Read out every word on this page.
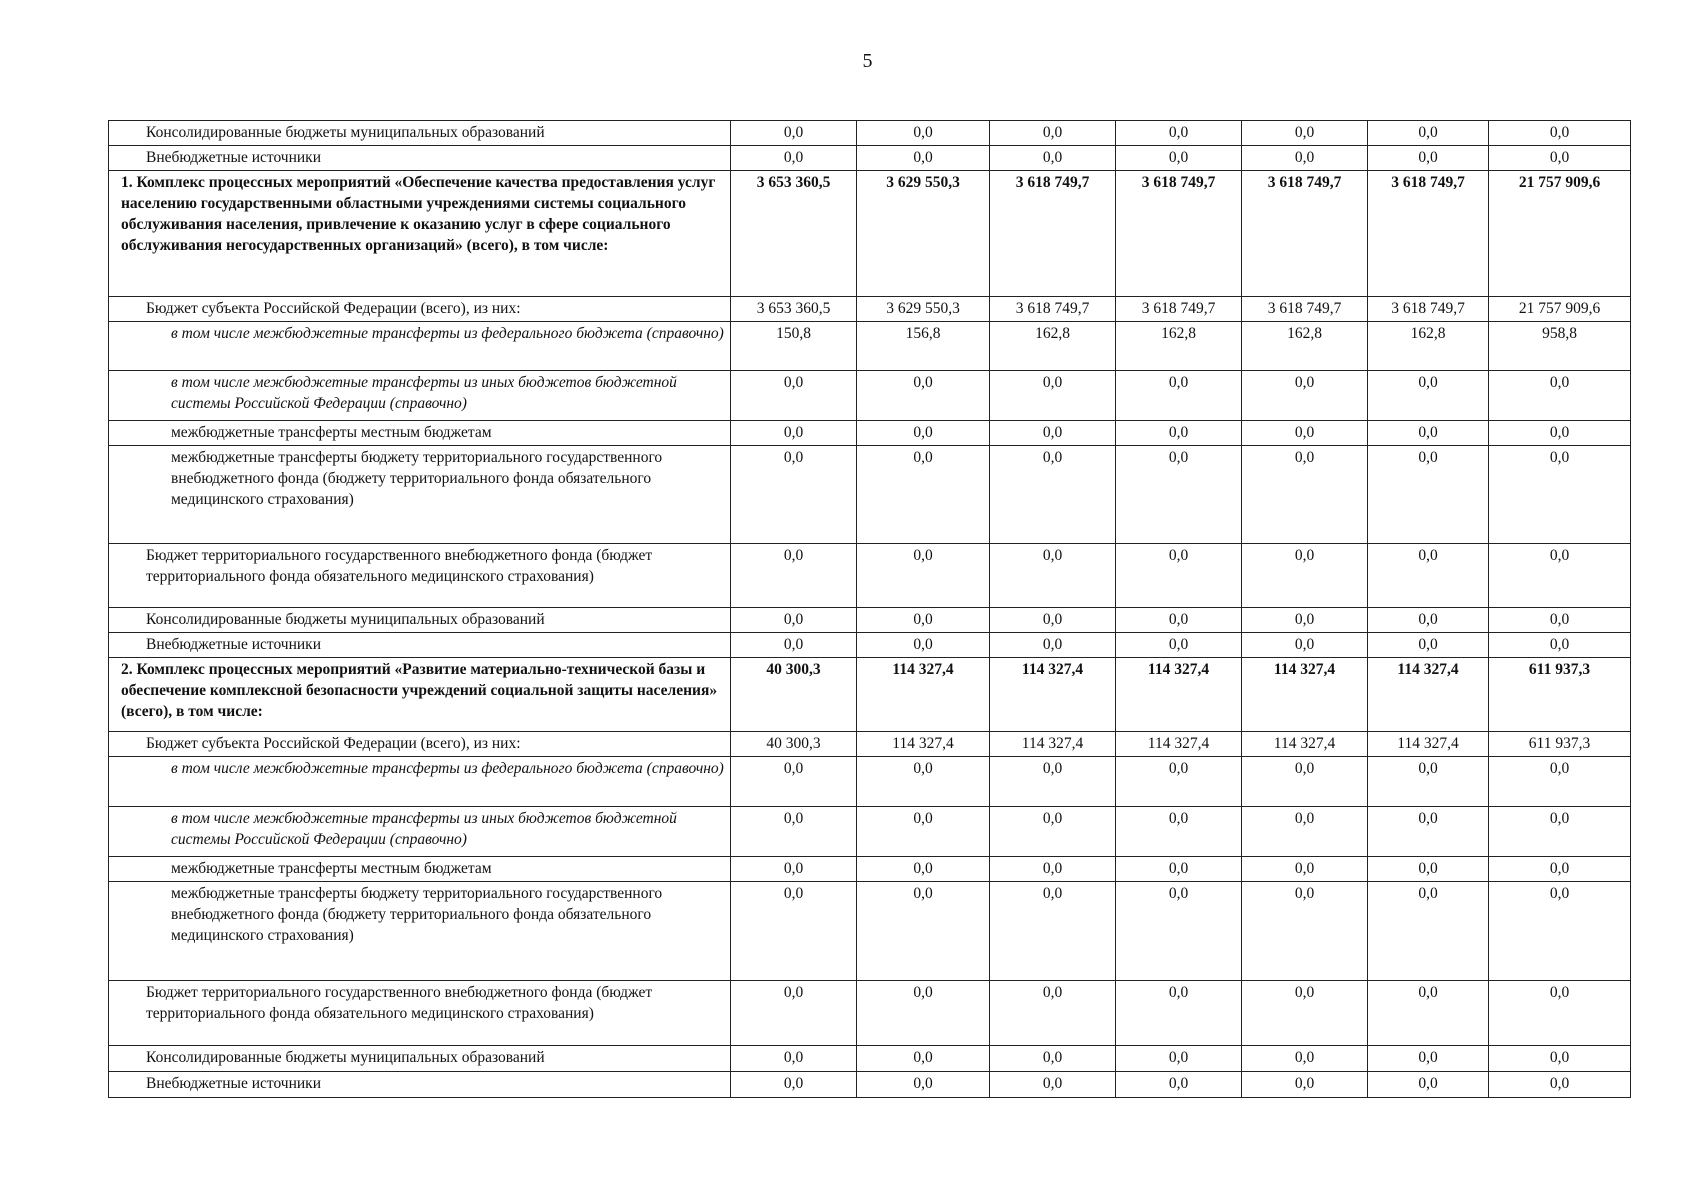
5
Консолидированные бюджеты муниципальных образований	0,0	0,0	0,0	0,0	0,0	0,0	0,0
Внебюджетные источники	0,0	0,0	0,0	0,0	0,0	0,0	0,0
1. Комплекс процессных мероприятий «Обеспечение качества предоставления услуг населению государственными областными учреждениями системы социального обслуживания населения, привлечение к оказанию услуг в сфере социального обслуживания негосударственных организаций» (всего), в том числе:	3 653 360,5	3 629 550,3	3 618 749,7	3 618 749,7	3 618 749,7	3 618 749,7	21 757 909,6
Бюджет субъекта Российской Федерации (всего), из них:	3 653 360,5	3 629 550,3	3 618 749,7	3 618 749,7	3 618 749,7	3 618 749,7	21 757 909,6
в том числе межбюджетные трансферты из федерального бюджета (справочно)	150,8	156,8	162,8	162,8	162,8	162,8	958,8
в том числе межбюджетные трансферты из иных бюджетов бюджетной системы Российской Федерации (справочно)	0,0	0,0	0,0	0,0	0,0	0,0	0,0
межбюджетные трансферты местным бюджетам	0,0	0,0	0,0	0,0	0,0	0,0	0,0
межбюджетные трансферты бюджету территориального государственного внебюджетного фонда (бюджету территориального фонда обязательного медицинского страхования)	0,0	0,0	0,0	0,0	0,0	0,0	0,0
Бюджет территориального государственного внебюджетного фонда (бюджет территориального фонда обязательного медицинского страхования)	0,0	0,0	0,0	0,0	0,0	0,0	0,0
Консолидированные бюджеты муниципальных образований	0,0	0,0	0,0	0,0	0,0	0,0	0,0
Внебюджетные источники	0,0	0,0	0,0	0,0	0,0	0,0	0,0
2. Комплекс процессных мероприятий «Развитие материально-технической базы и обеспечение комплексной безопасности учреждений социальной защиты населения» (всего), в том числе:	40 300,3	114 327,4	114 327,4	114 327,4	114 327,4	114 327,4	611 937,3
Бюджет субъекта Российской Федерации (всего), из них:	40 300,3	114 327,4	114 327,4	114 327,4	114 327,4	114 327,4	611 937,3
в том числе межбюджетные трансферты из федерального бюджета (справочно)	0,0	0,0	0,0	0,0	0,0	0,0	0,0
в том числе межбюджетные трансферты из иных бюджетов бюджетной системы Российской Федерации (справочно)	0,0	0,0	0,0	0,0	0,0	0,0	0,0
межбюджетные трансферты местным бюджетам	0,0	0,0	0,0	0,0	0,0	0,0	0,0
межбюджетные трансферты бюджету территориального государственного внебюджетного фонда (бюджету территориального фонда обязательного медицинского страхования)	0,0	0,0	0,0	0,0	0,0	0,0	0,0
Бюджет территориального государственного внебюджетного фонда (бюджет территориального фонда обязательного медицинского страхования)	0,0	0,0	0,0	0,0	0,0	0,0	0,0
Консолидированные бюджеты муниципальных образований	0,0	0,0	0,0	0,0	0,0	0,0	0,0
Внебюджетные источники	0,0	0,0	0,0	0,0	0,0	0,0	0,0
